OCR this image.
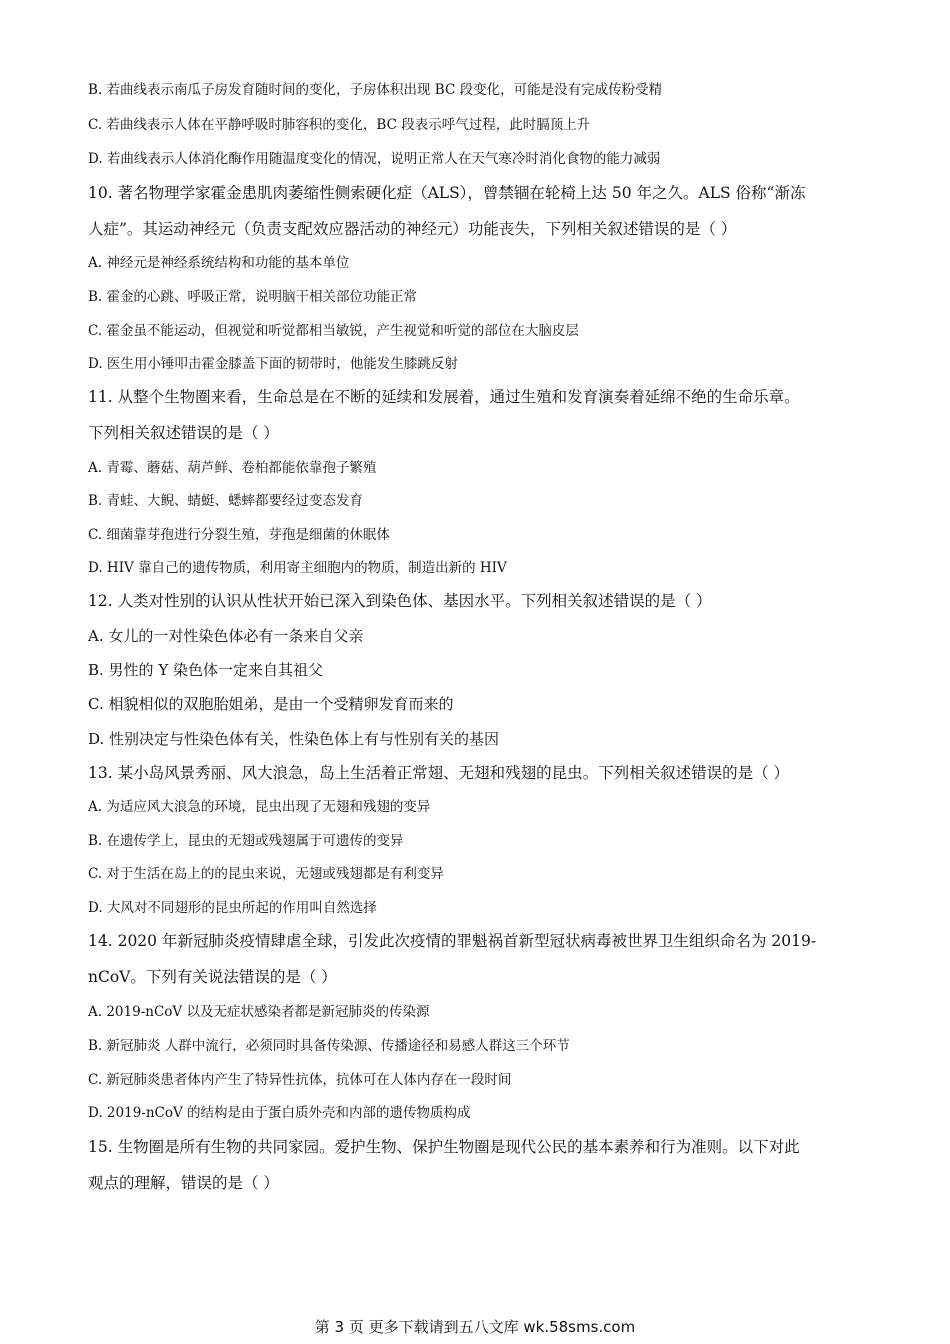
B. 若曲线表示南瓜子房发育随时间的变化，子房体积出现 BC 段变化，可能是没有完成传粉受精
C. 若曲线表示人体在平静呼吸时肺容积的变化，BC 段表示呼气过程，此时膈顶上升
D. 若曲线表示人体消化酶作用随温度变化的情况，说明正常人在天气寒冷时消化食物的能力减弱
10. 著名物理学家霍金患肌肉萎缩性侧索硬化症（ALS），曾禁锢在轮椅上达 50 年之久。ALS 俗称“渐冻
人症”。其运动神经元（负责支配效应器活动的神经元）功能丧失，下列相关叙述错误的是（ ）
A. 神经元是神经系统结构和功能的基本单位
B. 霍金的心跳、呼吸正常，说明脑干相关部位功能正常
C. 霍金虽不能运动，但视觉和听觉都相当敏锐，产生视觉和听觉的部位在大脑皮层
D. 医生用小锤叩击霍金膝盖下面的韧带时，他能发生膝跳反射
11. 从整个生物圈来看，生命总是在不断的延续和发展着，通过生殖和发育演奏着延绵不绝的生命乐章。
下列相关叙述错误的是（ ）
A. 青霉、蘑菇、葫芦鲜、卷柏都能依靠孢子繁殖
B. 青蛙、大鲵、蜻蜓、蟋蟀都要经过变态发育
C. 细菌靠芽孢进行分裂生殖，芽孢是细菌的休眠体
D. HIV 靠自己的遗传物质，利用寄主细胞内的物质，制造出新的 HIV
12. 人类对性别的认识从性状开始已深入到染色体、基因水平。下列相关叙述错误的是（ ）
A. 女儿的一对性染色体必有一条来自父亲
B. 男性的 Y 染色体一定来自其祖父
C. 相貌相似的双胞胎姐弟，是由一个受精卵发育而来的
D. 性别决定与性染色体有关，性染色体上有与性别有关的基因
13. 某小岛风景秀丽、风大浪急，岛上生活着正常翅、无翅和残翅的昆虫。下列相关叙述错误的是（ ）
A. 为适应风大浪急的环境，昆虫出现了无翅和残翅的变异
B. 在遗传学上，昆虫的无翅或残翅属于可遗传的变异
C. 对于生活在岛上的的昆虫来说，无翅或残翅都是有利变异
D. 大风对不同翅形的昆虫所起的作用叫自然选择
14. 2020 年新冠肺炎疫情肆虐全球，引发此次疫情的罪魁祸首新型冠状病毒被世界卫生组织命名为 2019-
nCoV。下列有关说法错误的是（ ）
A. 2019-nCoV 以及无症状感染者都是新冠肺炎的传染源
B. 新冠肺炎 人群中流行，必须同时具备传染源、传播途径和易感人群这三个环节
C. 新冠肺炎患者体内产生了特异性抗体，抗体可在人体内存在一段时间
D. 2019-nCoV 的结构是由于蛋白质外壳和内部的遗传物质构成
15. 生物圈是所有生物的共同家园。爱护生物、保护生物圈是现代公民的基本素养和行为准则。以下对此
观点的理解，错误的是（ ）
第 3 页 更多下载请到五八文库 wk.58sms.com
